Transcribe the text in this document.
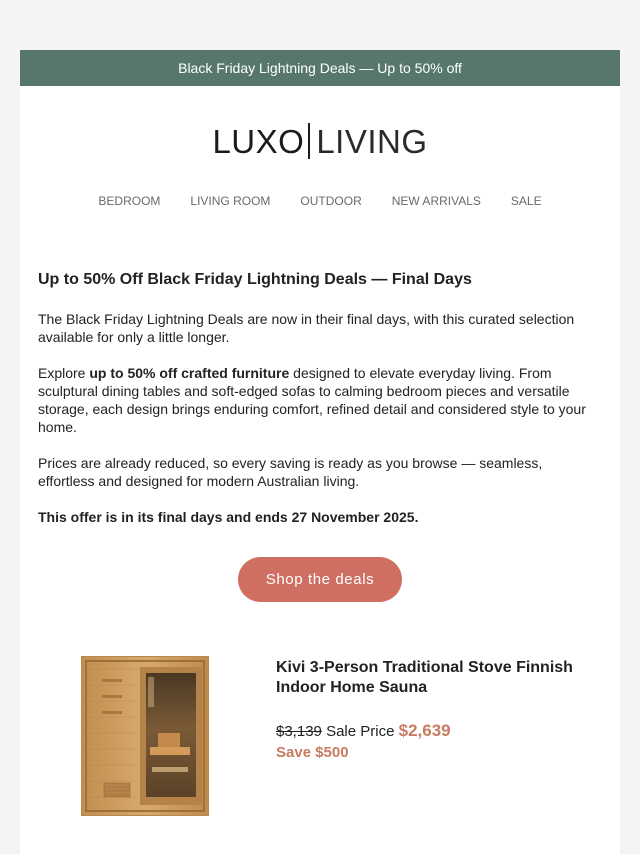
Black Friday Lightning Deals — Up to 50% off
LUXO LIVING
BEDROOM	LIVING ROOM	OUTDOOR	NEW ARRIVALS	SALE
Up to 50% Off Black Friday Lightning Deals — Final Days

The Black Friday Lightning Deals are now in their final days, with this curated selection available for only a little longer.

Explore up to 50% off crafted furniture designed to elevate everyday living. From sculptural dining tables and soft-edged sofas to calming bedroom pieces and versatile storage, each design brings enduring comfort, refined detail and considered style to your home.

Prices are already reduced, so every saving is ready as you browse — seamless, effortless and designed for modern Australian living.

This offer is in its final days and ends 27 November 2025.

Shop the deals
Kivi 3-Person Traditional Stove Finnish Indoor Home Sauna
$3,139 Sale Price $2,639
Save $500
